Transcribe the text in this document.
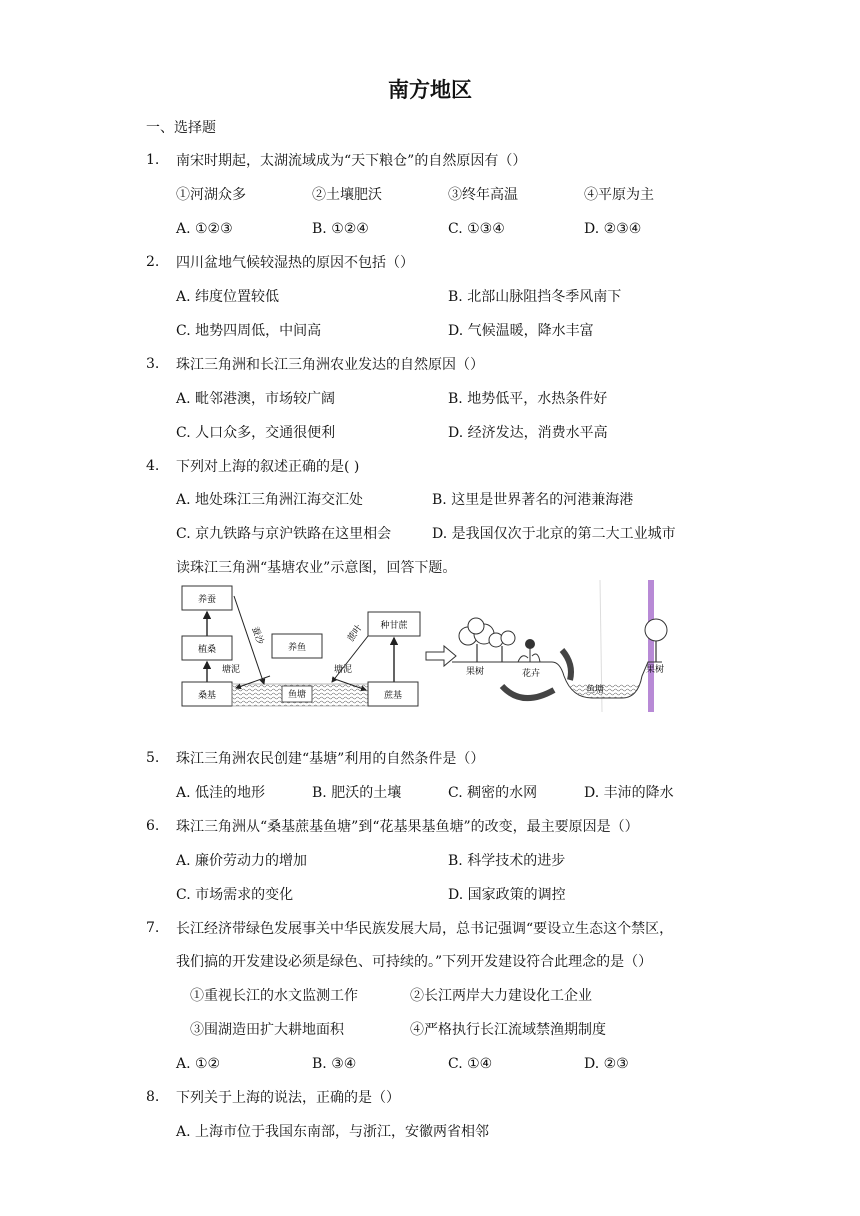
南方地区
一、选择题
1. 南宋时期起，太湖流域成为“天下粮仓”的自然原因有（）
①河湖众多	②土壤肥沃	③终年高温	④平原为主
A. ①②③	B. ①②④	C. ①③④	D. ②③④
2. 四川盆地气候较湿热的原因不包括（）
A. 纬度位置较低	B. 北部山脉阻挡冬季风南下
C. 地势四周低，中间高	D. 气候温暖，降水丰富
3. 珠江三角洲和长江三角洲农业发达的自然原因（）
A. 毗邻港澳，市场较广阔	B. 地势低平，水热条件好
C. 人口众多，交通很便利	D. 经济发达，消费水平高
4. 下列对上海的叙述正确的是( )
A. 地处珠江三角洲江海交汇处	B. 这里是世界著名的河港兼海港
C. 京九铁路与京沪铁路在这里相会	D. 是我国仅次于北京的第二大工业城市
读珠江三角洲“基塘农业”示意图，回答下题。
养蚕
植桑
桑基
养鱼
鱼塘
种甘蔗
蔗基
蚕沙
塘泥	塘泥
蔗叶
果树	花卉
鱼塘
果树
5. 珠江三角洲农民创建“基塘”利用的自然条件是（）
A. 低洼的地形	B. 肥沃的土壤	C. 稠密的水网	D. 丰沛的降水
6. 珠江三角洲从“桑基蔗基鱼塘”到“花基果基鱼塘”的改变，最主要原因是（）
A. 廉价劳动力的增加	B. 科学技术的进步
C. 市场需求的变化	D. 国家政策的调控
7. 长江经济带绿色发展事关中华民族发展大局，总书记强调“要设立生态这个禁区，
我们搞的开发建设必须是绿色、可持续的。”下列开发建设符合此理念的是（）
①重视长江的水文监测工作	②长江两岸大力建设化工企业
③围湖造田扩大耕地面积	④严格执行长江流域禁渔期制度
A. ①②	B. ③④	C. ①④	D. ②③
8. 下列关于上海的说法，正确的是（）
A. 上海市位于我国东南部，与浙江，安徽两省相邻
